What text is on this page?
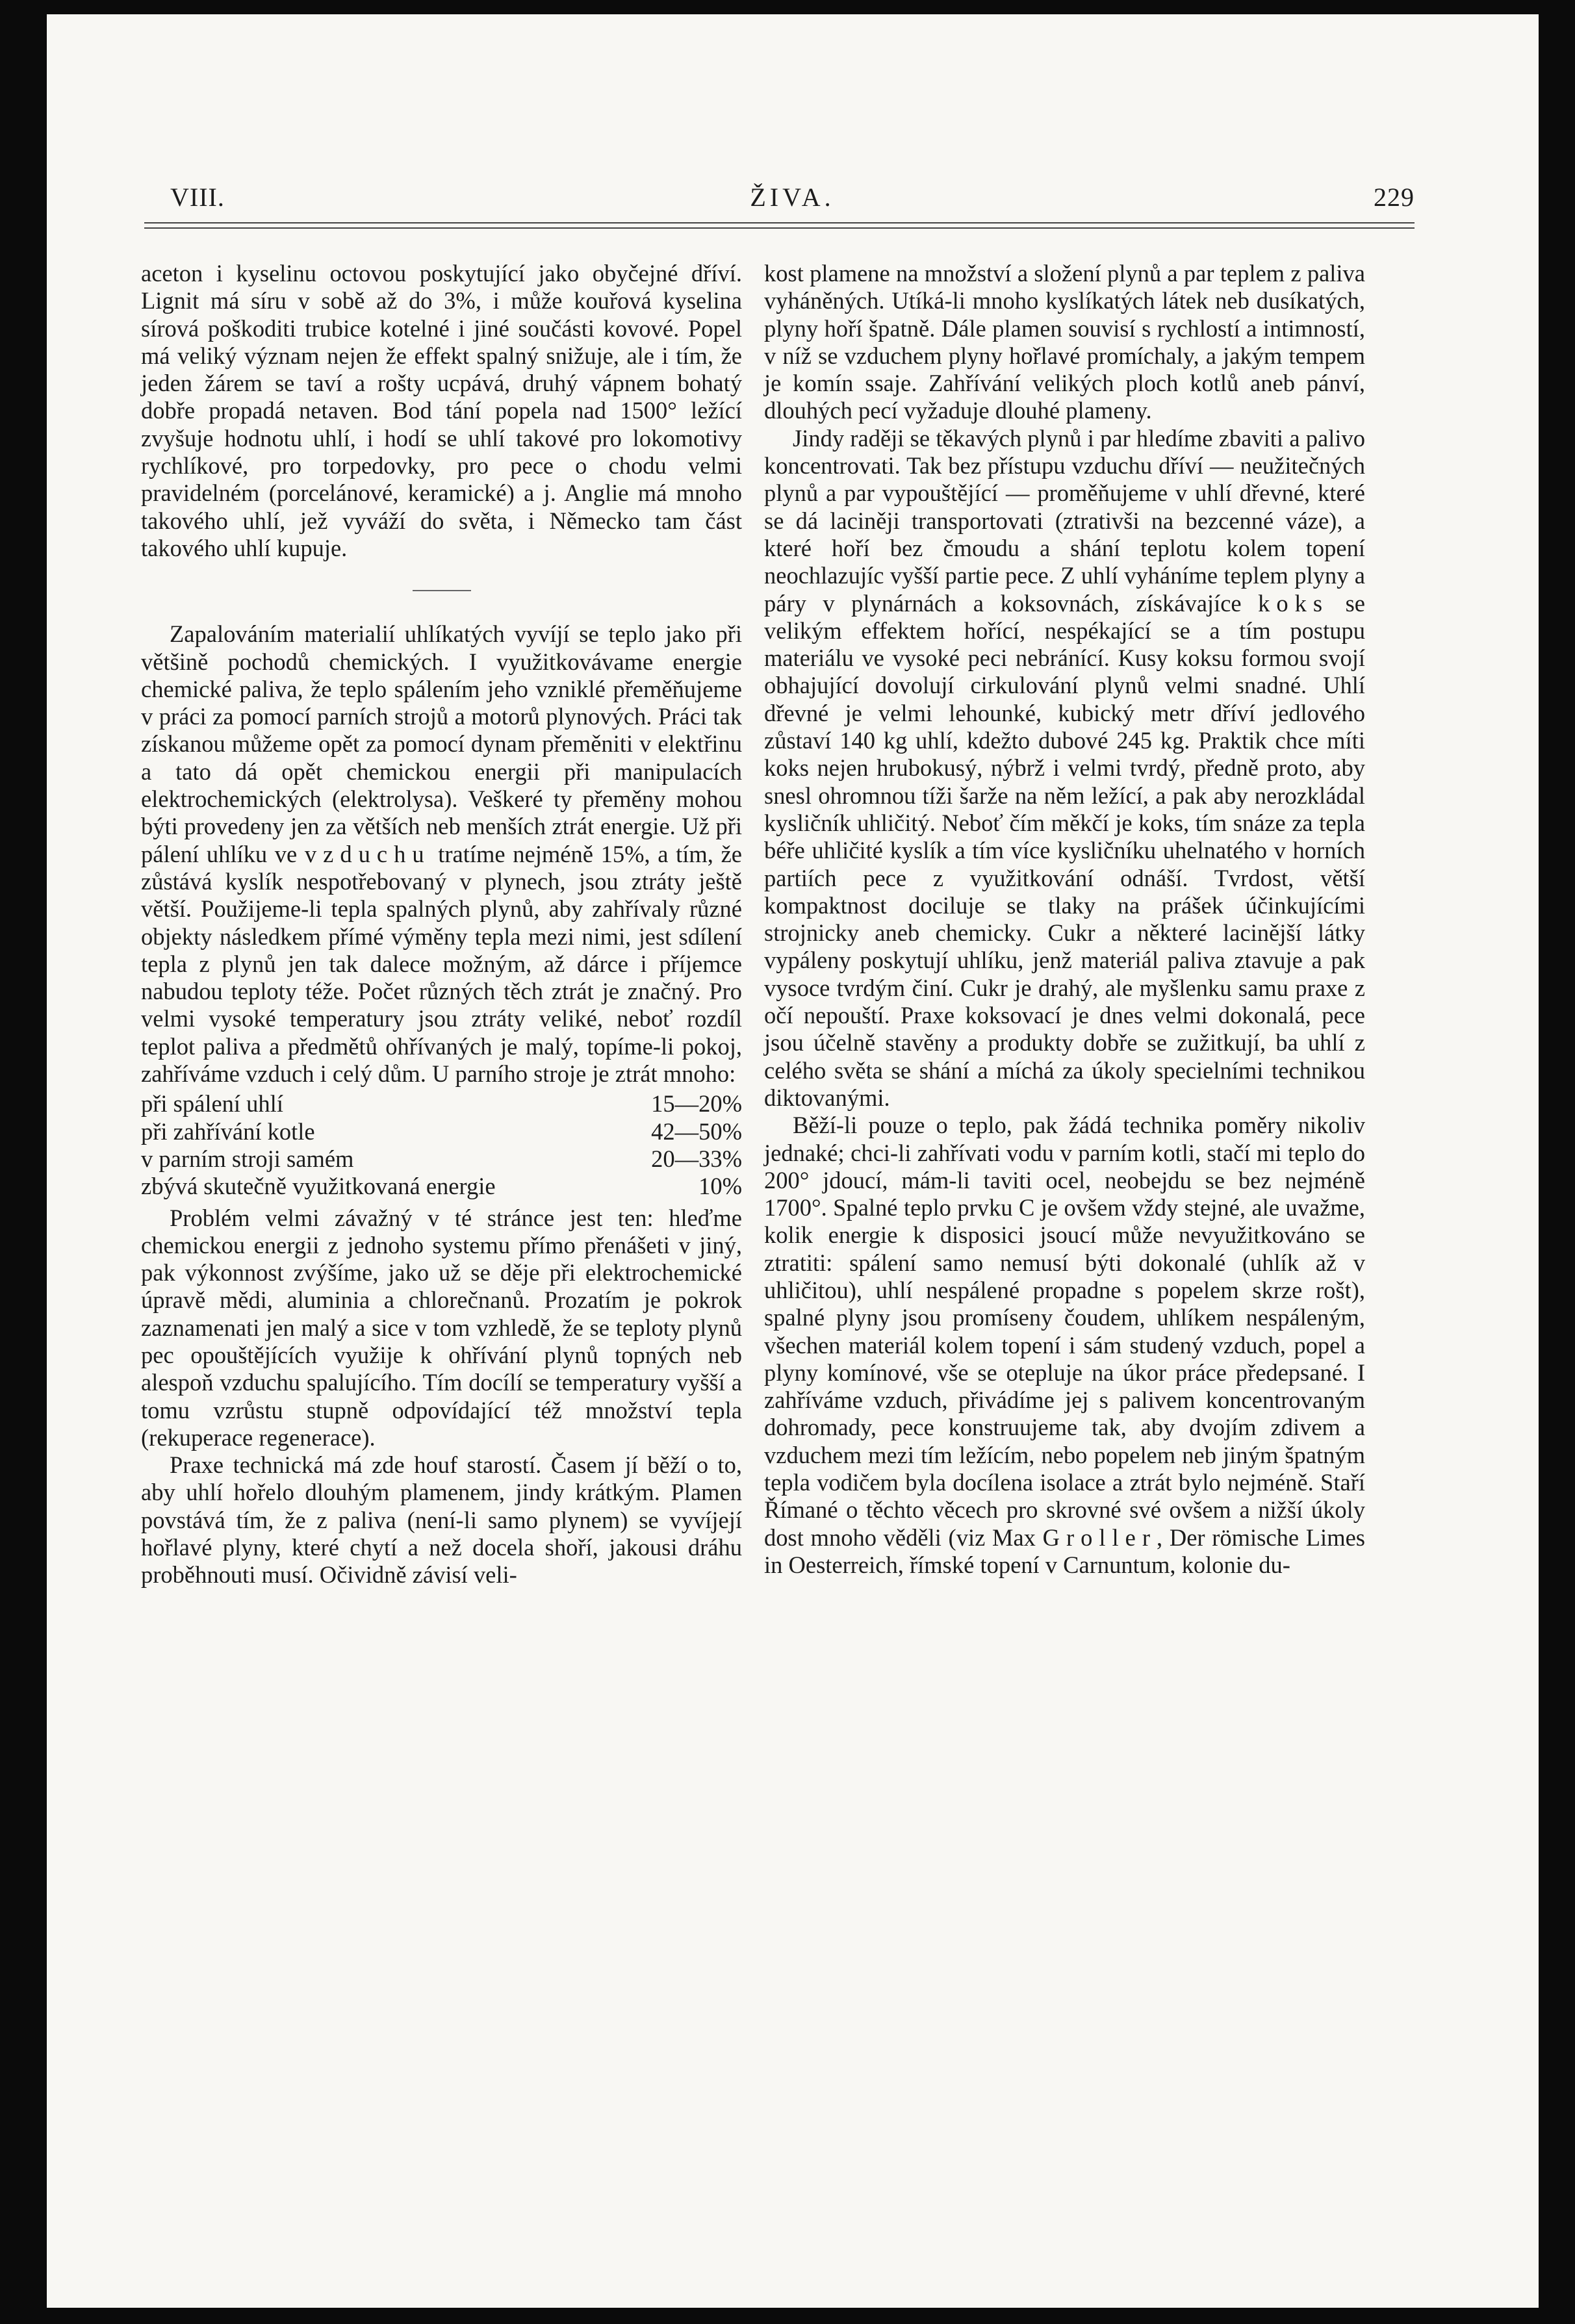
VIII.	ŽIVA.	229

aceton i kyselinu octovou poskytující jako obyčejné dříví. Lignit má síru v sobě až do 3%, i může kouřová kyselina sírová poškoditi trubice kotelné i jiné součásti kovové. Popel má veliký význam nejen že effekt spalný snižuje, ale i tím, že jeden žárem se taví a rošty ucpává, druhý vápnem bohatý dobře propadá netaven. Bod tání popela nad 1500° ležící zvyšuje hodnotu uhlí, i hodí se uhlí takové pro lokomotivy rychlíkové, pro torpedovky, pro pece o chodu velmi pravidelném (porcelánové, keramické) a j. Anglie má mnoho takového uhlí, jež vyváží do světa, i Německo tam část takového uhlí kupuje.

Zapalováním materialií uhlíkatých vyvíjí se teplo jako při většině pochodů chemických. I využitkovávame energie chemické paliva, že teplo spálením jeho vzniklé přeměňujeme v práci za pomocí parních strojů a motorů plynových. Práci tak získanou můžeme opět za pomocí dynam přeměniti v elektřinu a tato dá opět chemickou energii při manipulacích elektrochemických (elektrolysa). Veškeré ty přeměny mohou býti provedeny jen za větších neb menších ztrát energie. Už při pálení uhlíku ve vzduchu tratíme nejméně 15%, a tím, že zůstává kyslík nespotřebovaný v plynech, jsou ztráty ještě větší. Použijeme-li tepla spalných plynů, aby zahřívaly různé objekty následkem přímé výměny tepla mezi nimi, jest sdílení tepla z plynů jen tak dalece možným, až dárce i příjemce nabudou teploty téže. Počet různých těch ztrát je značný. Pro velmi vysoké temperatury jsou ztráty veliké, neboť rozdíl teplot paliva a předmětů ohřívaných je malý, topíme-li pokoj, zahříváme vzduch i celý dům. U parního stroje je ztrát mnoho:

při spálení uhlí	15—20%
při zahřívání kotle	42—50%
v parním stroji samém	20—33%
zbývá skutečně využitkovaná energie	10%

Problém velmi závažný v té stránce jest ten: hleďme chemickou energii z jednoho systemu přímo přenášeti v jiný, pak výkonnost zvýšíme, jako už se děje při elektrochemické úpravě mědi, aluminia a chlorečnanů. Prozatím je pokrok zaznamenati jen malý a sice v tom vzhledě, že se teploty plynů pec opouštějících využije k ohřívání plynů topných neb alespoň vzduchu spalujícího. Tím docílí se temperatury vyšší a tomu vzrůstu stupně odpovídající též množství tepla (rekuperace regenerace).

Praxe technická má zde houf starostí. Časem jí běží o to, aby uhlí hořelo dlouhým plamenem, jindy krátkým. Plamen povstává tím, že z paliva (není-li samo plynem) se vyvíjejí hořlavé plyny, které chytí a než docela shoří, jakousi dráhu proběhnouti musí. Očividně závisí veli-

kost plamene na množství a složení plynů a par teplem z paliva vyháněných. Utíká-li mnoho kyslíkatých látek neb dusíkatých, plyny hoří špatně. Dále plamen souvisí s rychlostí a intimností, v níž se vzduchem plyny hořlavé promíchaly, a jakým tempem je komín ssaje. Zahřívání velikých ploch kotlů aneb pánví, dlouhých pecí vyžaduje dlouhé plameny.

Jindy raději se těkavých plynů i par hledíme zbaviti a palivo koncentrovati. Tak bez přístupu vzduchu dříví — neužitečných plynů a par vypouštějící — proměňujeme v uhlí dřevné, které se dá laciněji transportovati (ztrativši na bezcenné váze), a které hoří bez čmoudu a shání teplotu kolem topení neochlazujíc vyšší partie pece. Z uhlí vyháníme teplem plyny a páry v plynárnách a koksovnách, získávajíce koks se velikým effektem hořící, nespékající se a tím postupu materiálu ve vysoké peci nebránící. Kusy koksu formou svojí obhajující dovolují cirkulování plynů velmi snadné. Uhlí dřevné je velmi lehounké, kubický metr dříví jedlového zůstaví 140 kg uhlí, kdežto dubové 245 kg. Praktik chce míti koks nejen hrubokusý, nýbrž i velmi tvrdý, předně proto, aby snesl ohromnou tíži šarže na něm ležící, a pak aby nerozkládal kysličník uhličitý. Neboť čím měkčí je koks, tím snáze za tepla béře uhličité kyslík a tím více kysličníku uhelnatého v horních partiích pece z využitkování odnáší. Tvrdost, větší kompaktnost docilujе se tlaky na prášek účinkujícími strojnicky aneb chemicky. Cukr a některé lacinější látky vypáleny poskytují uhlíku, jenž materiál paliva ztavuje a pak vysoce tvrdým činí. Cukr je drahý, ale myšlenku samu praxe z očí nepouští. Praxe koksovací je dnes velmi dokonalá, pece jsou účelně stavěny a produkty dobře se zužitkují, ba uhlí z celého světa se shání a míchá za úkoly specielními technikou diktovanými.

Běží-li pouze o teplo, pak žádá technika poměry nikoliv jednaké; chci-li zahřívati vodu v parním kotli, stačí mi teplo do 200° jdoucí, mám-li taviti ocel, neobejdu se bez nejméně 1700°. Spalné teplo prvku C je ovšem vždy stejné, ale uvažme, kolik energie k disposici jsoucí může nevyužitkováno se ztratiti: spálení samo nemusí býti dokonalé (uhlík až v uhličitou), uhlí nespálené propadne s popelem skrze rošt), spalné plyny jsou promíseny čoudem, uhlíkem nespáleným, všechen materiál kolem topení i sám studený vzduch, popel a plyny komínové, vše se otepluje na úkor práce předepsané. I zahříváme vzduch, přivádíme jej s palivem koncentrovaným dohromady, pece konstruujeme tak, aby dvojím zdivem a vzduchem mezi tím ležícím, nebo popelem neb jiným špatným tepla vodičem byla docílena isolace a ztrát bylo nejméně. Staří Římané o těchto věcech pro skrovné své ovšem a nižší úkoly dost mnoho věděli (viz Max Groller, Der römische Limes in Oesterreich, římské topení v Carnuntum, kolonie du-
